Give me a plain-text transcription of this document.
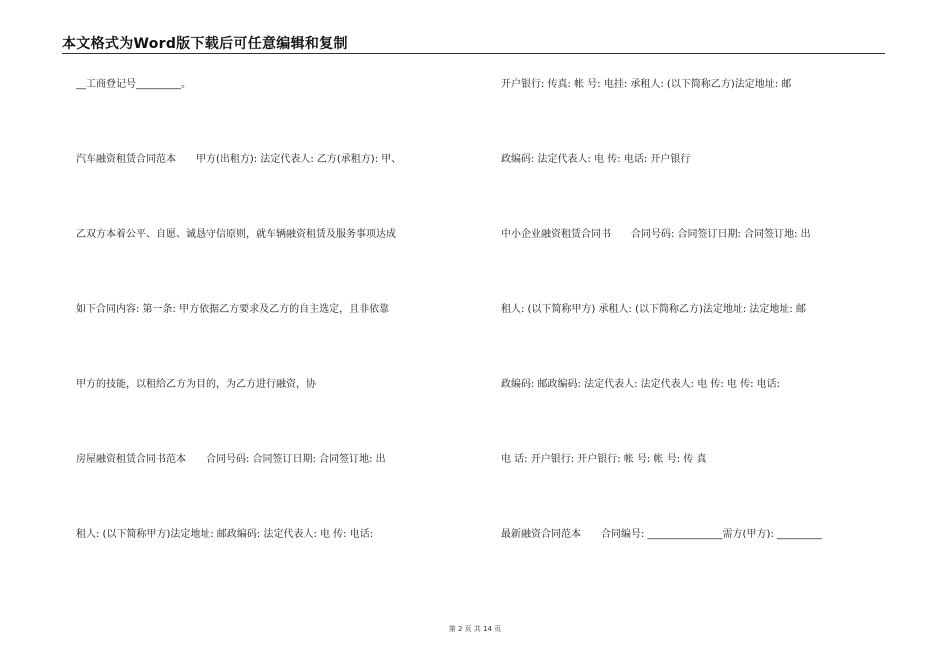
本文格式为Word版下载后可任意编辑和复制
__工商登记号_________。
汽车融资租赁合同范本　　甲方(出租方): 法定代表人: 乙方(承租方): 甲、
乙双方本着公平、自愿、诚恳守信原则，就车辆融资租赁及服务事项达成
如下合同内容: 第一条: 甲方依据乙方要求及乙方的自主选定，且非依靠
甲方的技能，以租给乙方为目的，为乙方进行融资，协
房屋融资租赁合同书范本　　合同号码: 合同签订日期: 合同签订地: 出
租人: (以下简称甲方)法定地址: 邮政编码: 法定代表人: 电 传: 电话:
开户银行: 传真: 帐 号: 电挂: 承租人: (以下简称乙方)法定地址: 邮
政编码: 法定代表人: 电 传: 电话: 开户银行
中小企业融资租赁合同书　　合同号码: 合同签订日期: 合同签订地: 出
租人: (以下简称甲方) 承租人: (以下简称乙方)法定地址: 法定地址: 邮
政编码: 邮政编码: 法定代表人: 法定代表人: 电 传: 电 传: 电话:
电 话: 开户银行: 开户银行: 帐 号: 帐 号: 传 真
最新融资合同范本　　合同编号: _______________需方(甲方): _________
第 2 页 共 14 页
